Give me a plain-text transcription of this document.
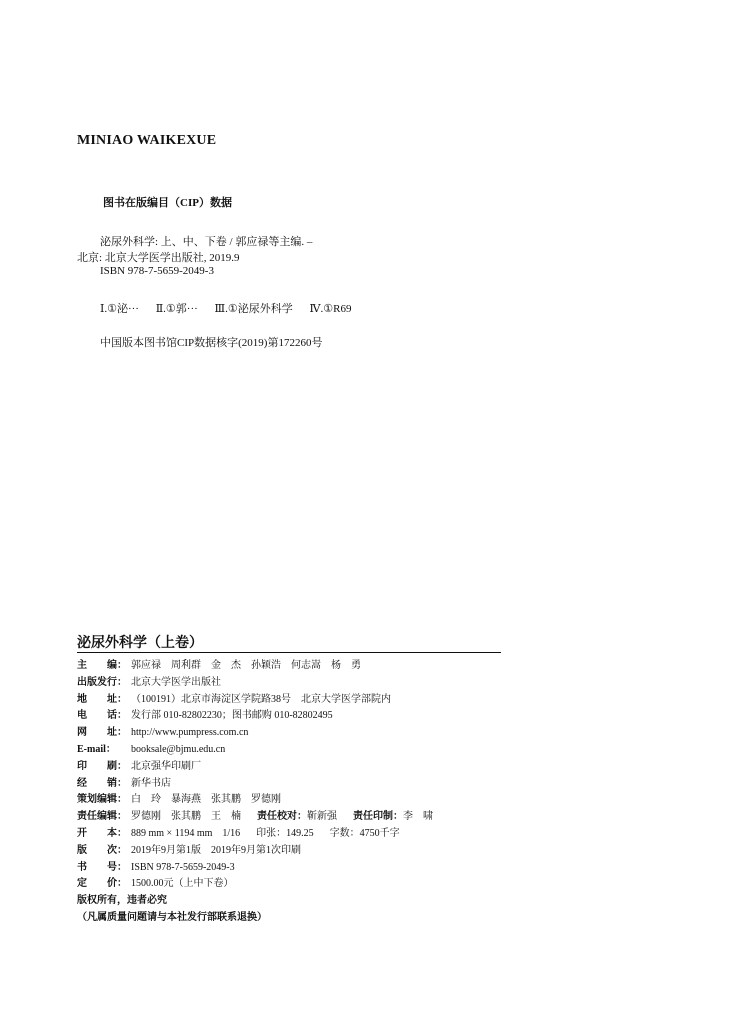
MINIAO WAIKEXUE
图书在版编目（CIP）数据
泌尿外科学: 上、中、下卷 / 郭应禄等主编. –
北京: 北京大学医学出版社, 2019.9
ISBN 978-7-5659-2049-3
Ⅰ.①泌··· Ⅱ.①郭··· Ⅲ.①泌尿外科学 Ⅳ.①R69
中国版本图书馆CIP数据核字(2019)第172260号
泌尿外科学（上卷）
主　　编： 郭应禄　周利群　金　杰　孙颖浩　何志嵩　杨　勇
出版发行： 北京大学医学出版社
地　　址： （100191）北京市海淀区学院路38号　北京大学医学部院内
电　　话： 发行部 010-82802230；图书邮购 010-82802495
网　　址： http://www.pumpress.com.cn
E-mail： booksale@bjmu.edu.cn
印　　刷： 北京强华印刷厂
经　　销： 新华书店
策划编辑： 白　玲　暴海燕　张其鹏　罗德刚
责任编辑： 罗德刚　张其鹏　王　楠 责任校对：靳新强 责任印制：李　啸
开　　本： 889 mm × 1194 mm　1/16 印张：149.25 字数：4750千字
版　　次： 2019年9月第1版　2019年9月第1次印刷
书　　号： ISBN 978-7-5659-2049-3
定　　价： 1500.00元（上中下卷）
版权所有，违者必究
（凡属质量问题请与本社发行部联系退换）
